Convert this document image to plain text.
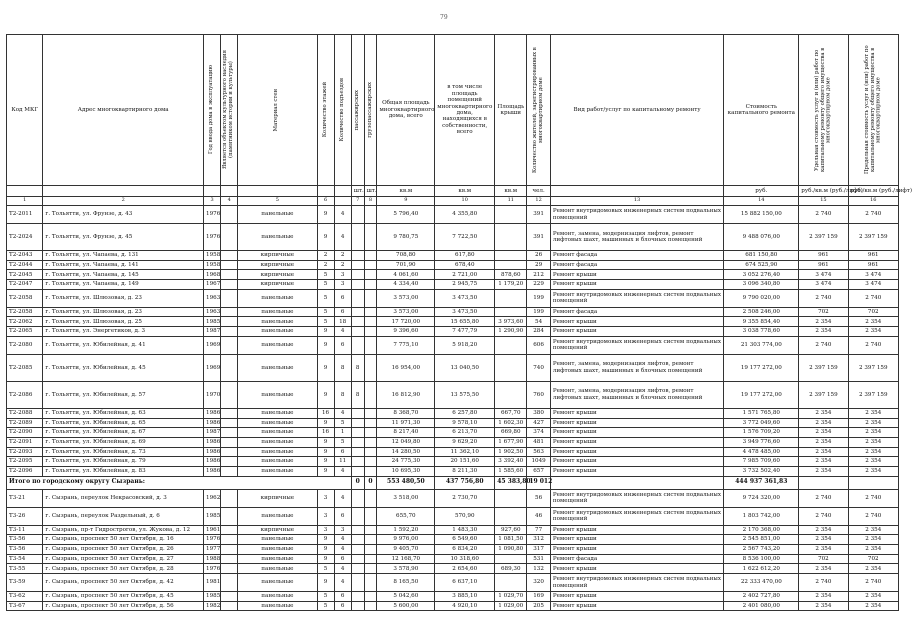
79
Код МКГ	Адрес многоквартирного дома	Год ввода дома в эксплуатацию	Является объектом культурного наследия (памятником истории и культуры)	Материал стен	Количество этажей	Количество подъездов	пассажирских	грузопассажирских	Общая площадь многоквартирного дома, всего	в том числе площадь помещений многоквартирного дома, находящихся в собственности, всего	Площадь крыши	Количество жителей, зарегистрированных в многоквартирном доме	Вид работ/услуг по капитальному ремонту	Стоимость капитального ремонта	Удельная стоимость услуг и (или) работ по капитальному ремонту общего имущества в многоквартирном доме	Предельная стоимость услуг и (или) работ по капитальному ремонту общего имущества в многоквартирном доме

							шт.	шт.	кв.м	кв.м	кв.м	чел.		руб.	руб./кв.м (руб./лифт)	руб./кв.м (руб./лифт)
1	2	3	4	5	6		7	8	9	10	11	12	13	14	15	16
Т2-2011	г. Тольятти, ул. Фрунзе, д. 43	1976		панельные	9	4			5 796,40	4 355,80		391	Ремонт внутридомовых инженерных систем подвальных помещений	15 882 150,00	2 740	2 740
Т2-2024	г. Тольятти, ул. Фрунзе, д. 45	1976		панельные	9	4			9 780,75	7 722,50		391	Ремонт, замена, модернизация лифтов, ремонт лифтовых шахт, машинных и блочных помещений	9 488 076,00	2 397 159	2 397 159
Т2-2043	г. Тольятти, ул. Чапаева, д. 131	1958		кирпичные	2	2			708,80	617,80		26	Ремонт фасада	681 150,80	961	961
Т2-2044	г. Тольятти, ул. Чапаева, д. 141	1958		кирпичные	2	2			701,90	678,40		29	Ремонт фасада	674 525,90	961	961
Т2-2045	г. Тольятти, ул. Чапаева, д. 145	1968		кирпичные	5	3			4 061,60	2 721,00	878,60	212	Ремонт крыши	3 052 276,40	3 474	3 474
Т2-2047	г. Тольятти, ул. Чапаева, д. 149	1967		кирпичные	5	3			4 334,40	2 945,75	1 179,20	229	Ремонт крыши	3 096 340,80	3 474	3 474
Т2-2058	г. Тольятти, ул. Шлюзовая, д. 23	1963		панельные	5	6			3 573,00	3 473,50		199	Ремонт внутридомовых инженерных систем подвальных помещений	9 790 020,00	2 740	2 740
Т2-2058	г. Тольятти, ул. Шлюзовая, д. 23	1963		панельные	5	6			3 573,00	3 473,50		199	Ремонт фасада	2 508 246,00	702	702
Т2-2062	г. Тольятти, ул. Шлюзовая, д. 25	1985		панельные	5	18			17 720,00	15 655,80	3 973,60	54	Ремонт крыши	9 355 854,40	2 354	2 354
Т2-2065	г. Тольятти, ул. Энергетиков, д. 3	1987		панельные	9	4			9 396,60	7 477,79	1 290,90	284	Ремонт крыши	3 038 778,60	2 354	2 354
Т2-2080	г. Тольятти, ул. Юбилейная, д. 41	1969		панельные	9	6			7 775,10	5 918,20		606	Ремонт внутридомовых инженерных систем подвальных помещений	21 303 774,00	2 740	2 740
Т2-2085	г. Тольятти, ул. Юбилейная, д. 45	1969		панельные	9	8	8		16 954,00	13 040,50		740	Ремонт, замена, модернизация лифтов, ремонт лифтовых шахт, машинных и блочных помещений	19 177 272,00	2 397 159	2 397 159
Т2-2086	г. Тольятти, ул. Юбилейная, д. 57	1970		панельные	9	8	8		16 812,90	13 575,50		760	Ремонт, замена, модернизация лифтов, ремонт лифтовых шахт, машинных и блочных помещений	19 177 272,00	2 397 159	2 397 159
Т2-2088	г. Тольятти, ул. Юбилейная, д. 63	1986		панельные	16	4			8 368,70	6 257,80	667,70	380	Ремонт крыши	1 571 765,80	2 354	2 354
Т2-2089	г. Тольятти, ул. Юбилейная, д. 65	1986		панельные	9	5			11 971,30	9 578,10	1 602,30	427	Ремонт крыши	3 772 049,60	2 354	2 354
Т2-2090	г. Тольятти, ул. Юбилейная, д. 67	1987		панельные	16	1			8 217,40	6 213,70	669,80	374	Ремонт крыши	1 576 709,20	2 354	2 354
Т2-2091	г. Тольятти, ул. Юбилейная, д. 69	1986		панельные	9	5			12 049,80	9 629,20	1 677,90	481	Ремонт крыши	3 949 776,60	2 354	2 354
Т2-2093	г. Тольятти, ул. Юбилейная, д. 73	1986		панельные	9	6			14 280,50	11 362,10	1 902,50	563	Ремонт крыши	4 478 485,00	2 354	2 354
Т2-2095	г. Тольятти, ул. Юбилейная, д. 79	1986		панельные	9	11			24 775,30	20 151,60	3 392,40	1049	Ремонт крыши	7 985 709,60	2 354	2 354
Т2-2096	г. Тольятти, ул. Юбилейная, д. 83	1986		панельные	9	4			10 695,30	8 211,30	1 585,60	657	Ремонт крыши	3 732 502,40	2 354	2 354
Итого по городскому округу Сызрань:							0	0	553 480,50	437 756,80	45 383,80	19 012		444 937 361,83		
Т3-21	г. Сызрань, переулок Некрасовский, д. 3	1962		кирпичные	3	4			3 518,00	2 730,70		56	Ремонт внутридомовых инженерных систем подвальных помещений	9 724 320,00	2 740	2 740
Т3-26	г. Сызрань, переулок Раздельный, д. 6	1985		панельные	3	6			655,70	570,90		46	Ремонт внутридомовых инженерных систем подвальных помещений	1 803 742,00	2 740	2 740
Т3-11	г. Сызрань, пр-т Гидрострогов, ул. Жукова, д. 12	1961		кирпичные	3	3			1 592,20	1 483,30	927,60	77	Ремонт крыши	2 170 368,00	2 354	2 354
Т3-56	г. Сызрань, проспект 50 лет Октября, д. 16	1976		панельные	9	4			9 976,00	6 549,60	1 081,50	312	Ремонт крыши	2 545 851,00	2 354	2 354
Т3-56	г. Сызрань, проспект 50 лет Октября, д. 26	1977		панельные	9	4			9 405,70	6 834,20	1 090,80	317	Ремонт крыши	2 567 743,20	2 354	2 354
Т3-54	г. Сызрань, проспект 50 лет Октября, д. 27	1988		панельные	9	6			12 168,70	10 318,60		531	Ремонт фасада	8 536 100,00	702	702
Т3-55	г. Сызрань, проспект 50 лет Октября, д. 28	1976		панельные	5	4			3 578,90	2 654,60	689,30	132	Ремонт крыши	1 622 612,20	2 354	2 354
Т3-59	г. Сызрань, проспект 50 лет Октября, д. 42	1981		панельные	9	4			8 165,50	6 637,10		320	Ремонт внутридомовых инженерных систем подвальных помещений	22 333 470,00	2 740	2 740
Т3-62	г. Сызрань, проспект 50 лет Октября, д. 45	1985		панельные	5	6			5 042,60	3 885,10	1 029,70	169	Ремонт крыши	2 402 727,80	2 354	2 354
Т3-67	г. Сызрань, проспект 50 лет Октября, д. 56	1982		панельные	5	6			5 600,00	4 920,10	1 029,00	205	Ремонт крыши	2 401 080,00	2 354	2 354
